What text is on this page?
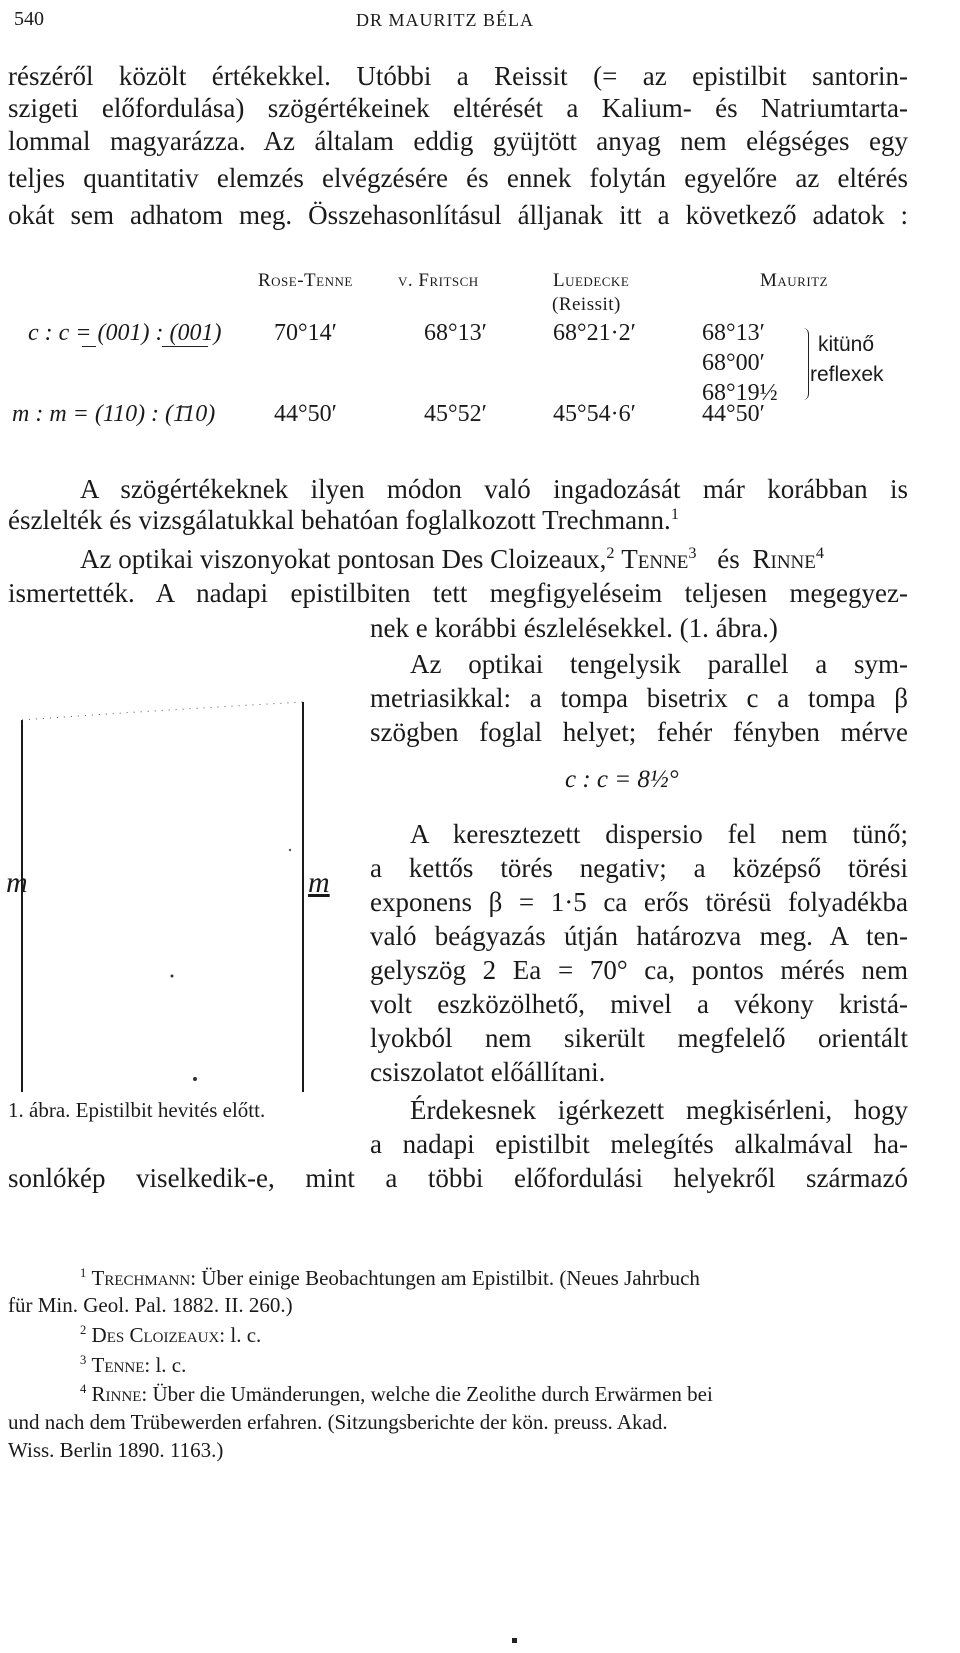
540	DR MAURITZ BÉLA
részéről közölt értékekkel. Utóbbi a Reissit (= az epistilbit santorin-
szigeti előfordulása) szögértékeinek eltérését a Kalium- és Natriumtarta-
lommal magyarázza. Az általam eddig gyüjtött anyag nem elégséges egy
teljes quantitativ elemzés elvégzésére és ennek folytán egyelőre az eltérés
okát sem adhatom meg. Összehasonlításul álljanak itt a következő adatok :
Rose-Tenne v. Fritsch	Luedecke	Mauritz
(Reissit)
c : c = (001) : (001) 70°14′	68°13′	68°21·2′	68°13′
68°00′
68°19½
kitünő
reflexek
m : m = (110) : (1̄10) 44°50′	45°52′	45°54·6′	44°50′
A szögértékeknek ilyen módon való ingadozását már korábban is
észlelték és vizsgálatukkal behatóan foglalkozott Trechmann.$^1$
Az optikai viszonyokat pontosan Des Cloizeaux,$^2$ Tenne$^3$ és Rinne$^4$
ismertették. A nadapi epistilbiten tett megfigyeléseim teljesen megegyez-
nek e korábbi észlelésekkel. (1. ábra.)
Az optikai tengelysik parallel a sym-
metriasikkal: a tompa bisetrix c a tompa β
szögben foglal helyet; fehér fényben mérve
c : c = 8½°
A keresztezett dispersio fel nem tünő;
a kettős törés negativ; a középső törési
exponens β = 1·5 ca erős törésü folyadékba
való beágyazás útján határozva meg. A ten-
gelyszög 2 Ea = 70° ca, pontos mérés nem
volt eszközölhető, mivel a vékony kristá-
lyokból nem sikerült megfelelő orientált
csiszolatot előállítani.
Érdekesnek igérkezett megkisérleni, hogy
a nadapi epistilbit melegítés alkalmával ha-
sonlókép viselkedik-e, mint a többi előfordulási helyekről származó
m	m
1. ábra. Epistilbit hevités előtt.
$^1$ Trechmann: Über einige Beobachtungen am Epistilbit. (Neues Jahrbuch
für Min. Geol. Pal. 1882. II. 260.)
$^2$ Des Cloizeaux: l. c.
$^3$ Tenne: l. c.
$^4$ Rinne: Über die Umänderungen, welche die Zeolithe durch Erwärmen bei
und nach dem Trübewerden erfahren. (Sitzungsberichte der kön. preuss. Akad.
Wiss. Berlin 1890. 1163.)
